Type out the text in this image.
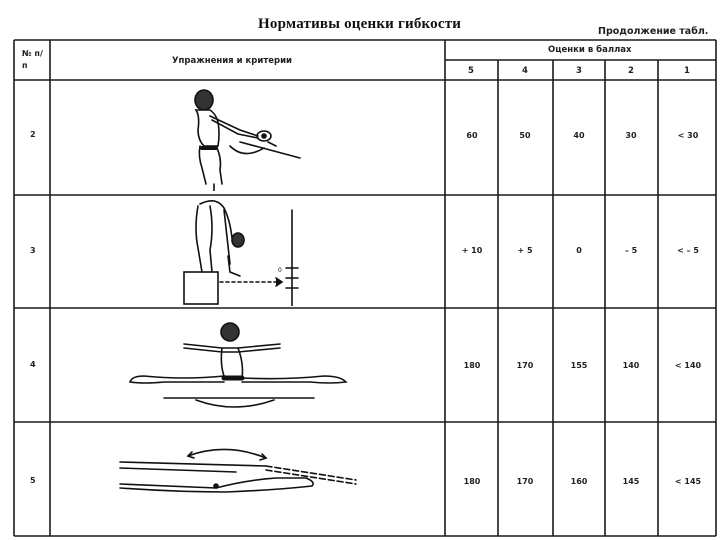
Нормативы оценки гибкости	Продолжение табл.
№ п/п	Упражнения и критерии
Оценки в баллах
5	4	3	2	1
2	60	50	40	30	< 30
3	+ 10	+ 5	0	– 5	< – 5
4	180	170	155	140	< 140
5	180	170	160	145	< 145
0
